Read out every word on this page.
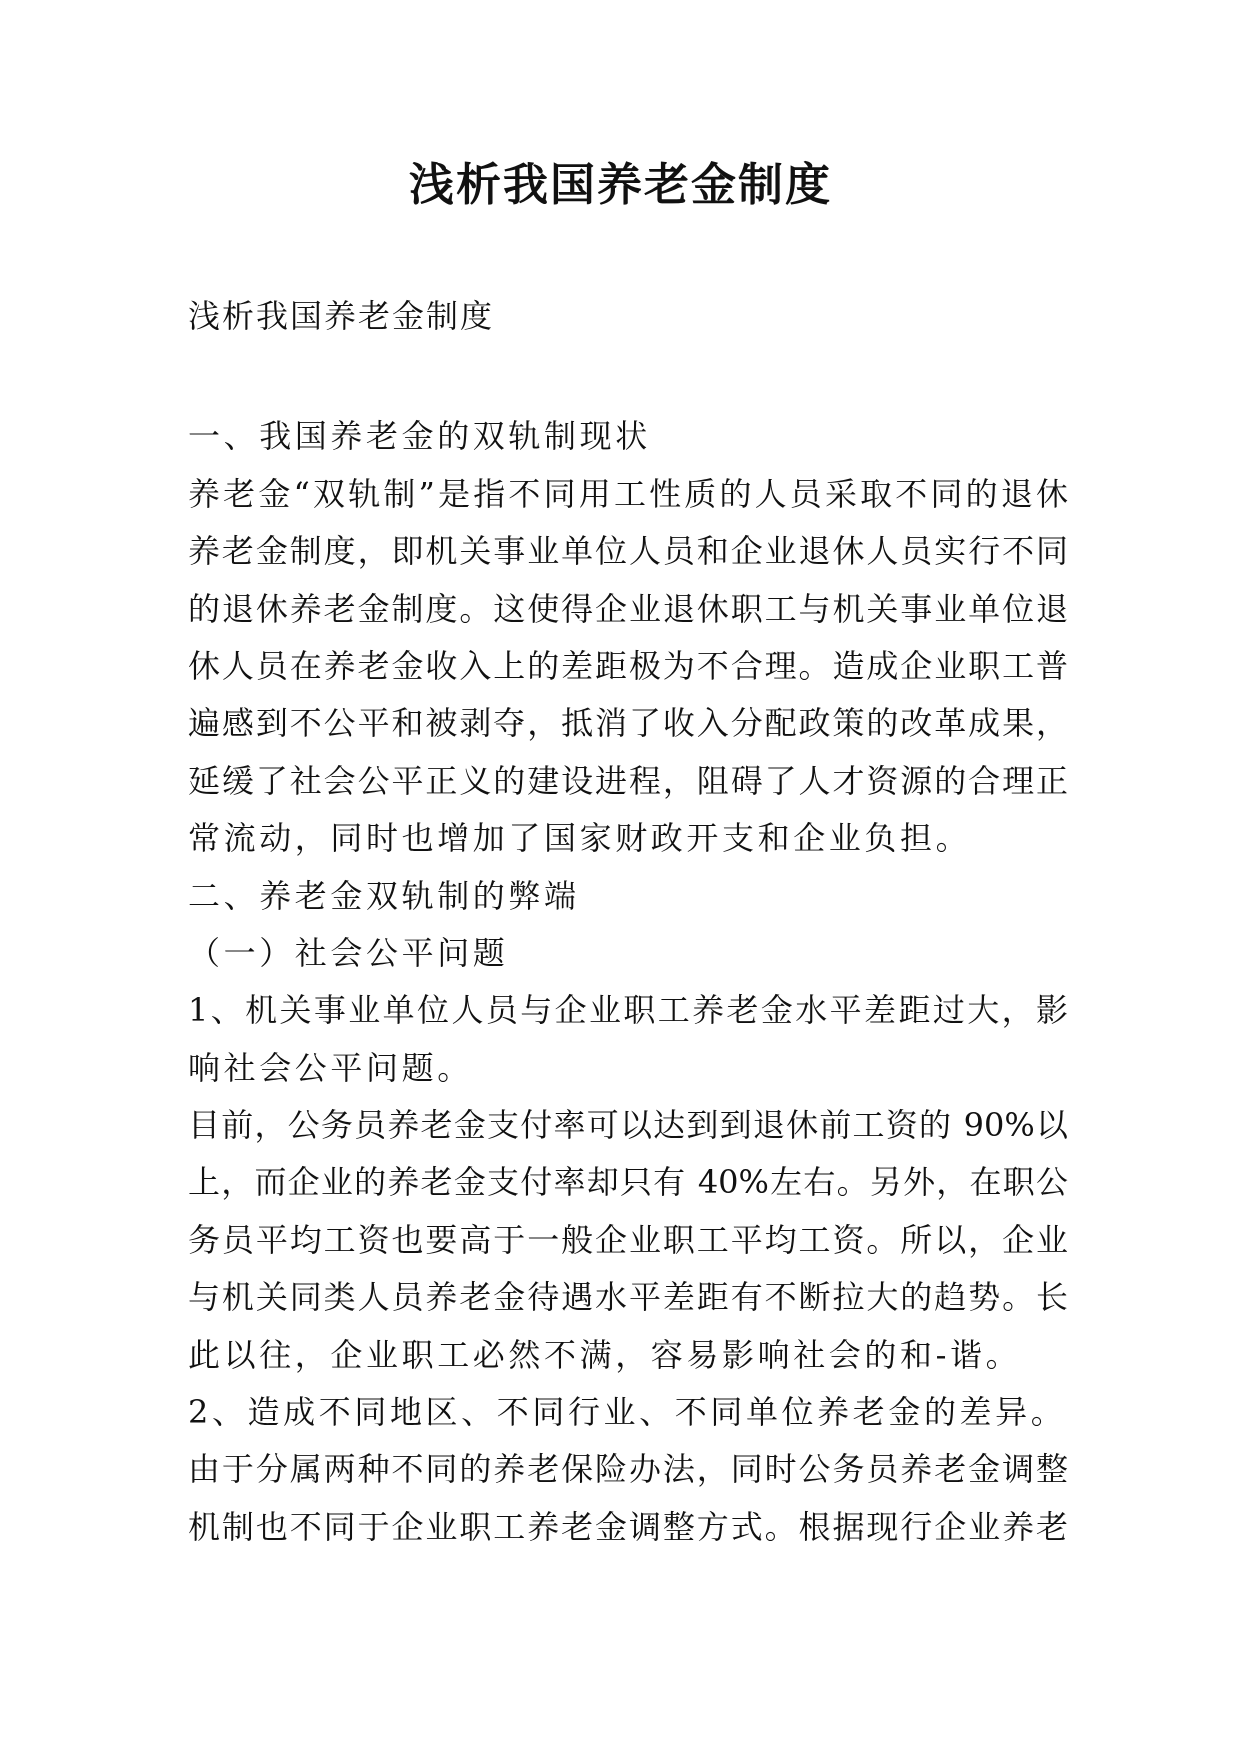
浅析我国养老金制度
浅析我国养老金制度
一、我国养老金的双轨制现状
养老金“双轨制”是指不同用工性质的人员采取不同的退休
养老金制度，即机关事业单位人员和企业退休人员实行不同
的退休养老金制度。这使得企业退休职工与机关事业单位退
休人员在养老金收入上的差距极为不合理。造成企业职工普
遍感到不公平和被剥夺，抵消了收入分配政策的改革成果，
延缓了社会公平正义的建设进程，阻碍了人才资源的合理正
常流动，同时也增加了国家财政开支和企业负担。
二、养老金双轨制的弊端
（一）社会公平问题
1、机关事业单位人员与企业职工养老金水平差距过大，影
响社会公平问题。
目前，公务员养老金支付率可以达到到退休前工资的 90%以
上，而企业的养老金支付率却只有 40%左右。另外，在职公
务员平均工资也要高于一般企业职工平均工资。所以，企业
与机关同类人员养老金待遇水平差距有不断拉大的趋势。长
此以往，企业职工必然不满，容易影响社会的和-谐。
2、造成不同地区、不同行业、不同单位养老金的差异。
由于分属两种不同的养老保险办法，同时公务员养老金调整
机制也不同于企业职工养老金调整方式。根据现行企业养老
